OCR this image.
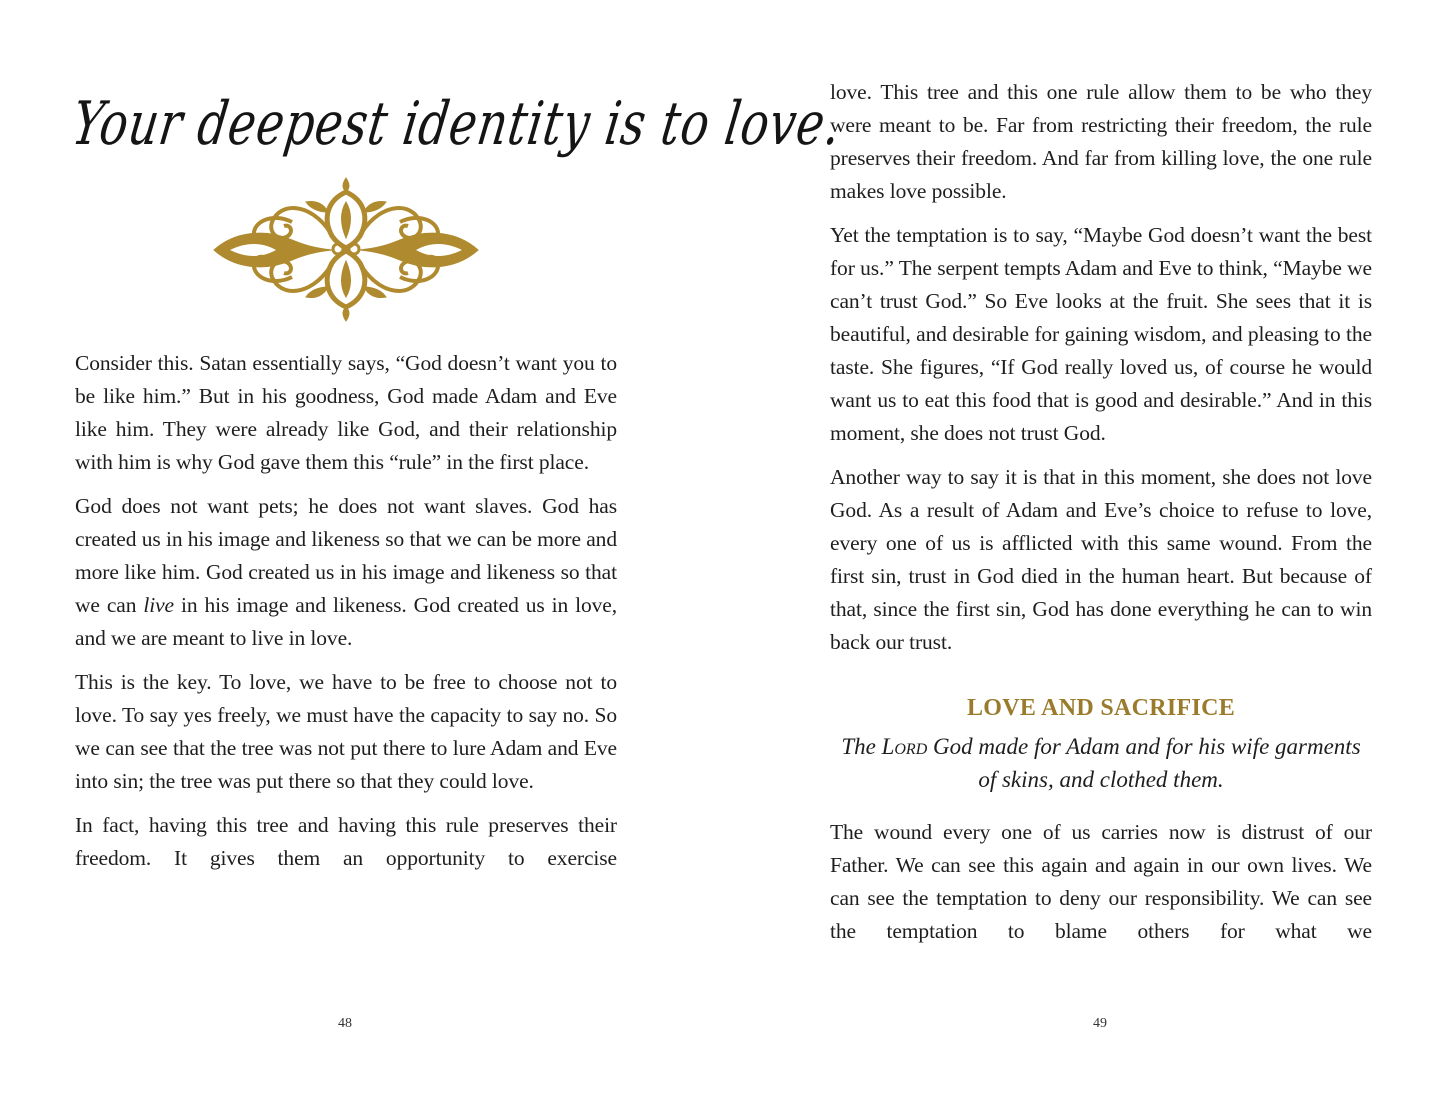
Your deepest identity is to love.

Consider this. Satan essentially says, “God doesn’t want you to be like him.” But in his goodness, God made Adam and Eve like him. They were already like God, and their relationship with him is why God gave them this “rule” in the first place.

God does not want pets; he does not want slaves. God has created us in his image and likeness so that we can be more and more like him. God created us in his image and likeness so that we can live in his image and likeness. God created us in love, and we are meant to live in love.

This is the key. To love, we have to be free to choose not to love. To say yes freely, we must have the capacity to say no. So we can see that the tree was not put there to lure Adam and Eve into sin; the tree was put there so that they could love.

In fact, having this tree and having this rule preserves their freedom. It gives them an opportunity to exercise

48

love. This tree and this one rule allow them to be who they were meant to be. Far from restricting their freedom, the rule preserves their freedom. And far from killing love, the one rule makes love possible.

Yet the temptation is to say, “Maybe God doesn’t want the best for us.” The serpent tempts Adam and Eve to think, “Maybe we can’t trust God.” So Eve looks at the fruit. She sees that it is beautiful, and desirable for gaining wisdom, and pleasing to the taste. She figures, “If God really loved us, of course he would want us to eat this food that is good and desirable.” And in this moment, she does not trust God.

Another way to say it is that in this moment, she does not love God. As a result of Adam and Eve’s choice to refuse to love, every one of us is afflicted with this same wound. From the first sin, trust in God died in the human heart. But because of that, since the first sin, God has done everything he can to win back our trust.

LOVE AND SACRIFICE
The Lord God made for Adam and for his wife garments of skins, and clothed them.

The wound every one of us carries now is distrust of our Father. We can see this again and again in our own lives. We can see the temptation to deny our responsibility. We can see the temptation to blame others for what we

49
